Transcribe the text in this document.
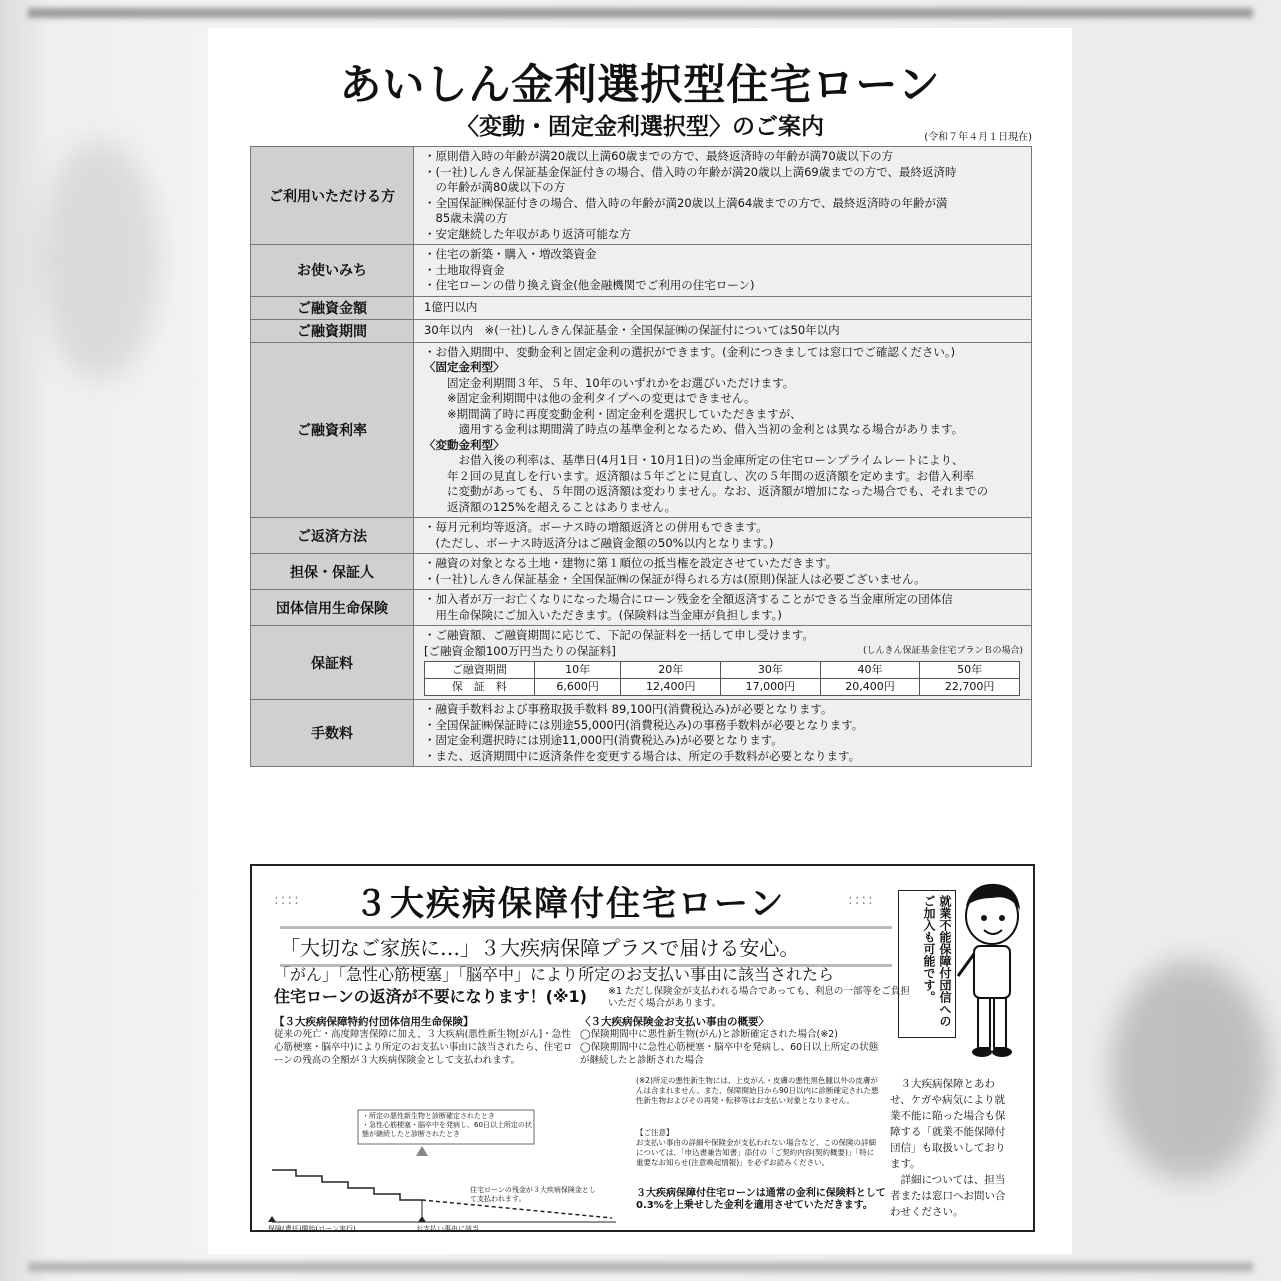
あいしん金利選択型住宅ローン
〈変動・固定金利選択型〉のご案内	(令和７年４月１日現在)
ご利用いただける方	
・原則借入時の年齢が満20歳以上満60歳までの方で、最終返済時の年齢が満70歳以下の方
・(一社)しんきん保証基金保証付きの場合、借入時の年齢が満20歳以上満69歳までの方で、最終返済時
　の年齢が満80歳以下の方
・全国保証㈱保証付きの場合、借入時の年齢が満20歳以上満64歳までの方で、最終返済時の年齢が満
　85歳未満の方
・安定継続した年収があり返済可能な方

お使いみち	
・住宅の新築・購入・増改築資金
・土地取得資金
・住宅ローンの借り換え資金(他金融機関でご利用の住宅ローン)

ご融資金額	1億円以内

ご融資期間	30年以内　※(一社)しんきん保証基金・全国保証㈱の保証付については50年以内

ご融資利率	
・お借入期間中、変動金利と固定金利の選択ができます。(金利につきましては窓口でご確認ください。)
〈固定金利型〉
　　固定金利期間３年、５年、10年のいずれかをお選びいただけます。
　　※固定金利期間中は他の金利タイプへの変更はできません。
　　※期間満了時に再度変動金利・固定金利を選択していただきますが、
　　　適用する金利は期間満了時点の基準金利となるため、借入当初の金利とは異なる場合があります。
〈変動金利型〉
　　　お借入後の利率は、基準日(4月1日・10月1日)の当金庫所定の住宅ローンプライムレートにより、
　　年２回の見直しを行います。返済額は５年ごとに見直し、次の５年間の返済額を定めます。お借入利率
　　に変動があっても、５年間の返済額は変わりません。なお、返済額が増加になった場合でも、それまでの
　　返済額の125%を超えることはありません。

ご返済方法	
・毎月元利均等返済。ボーナス時の増額返済との併用もできます。
　(ただし、ボーナス時返済分はご融資金額の50%以内となります。)

担保・保証人	
・融資の対象となる土地・建物に第１順位の抵当権を設定させていただきます。
・(一社)しんきん保証基金・全国保証㈱の保証が得られる方は(原則)保証人は必要ございません。

団体信用生命保険	
・加入者が万一お亡くなりになった場合にローン残金を全額返済することができる当金庫所定の団体信
　用生命保険にご加入いただきます。(保険料は当金庫が負担します。)

保証料	
・ご融資額、ご融資期間に応じて、下記の保証料を一括して申し受けます。
[ご融資金額100万円当たりの保証料]	(しんきん保証基金住宅プランＢの場合)
ご融資期間	10年	20年	30年	40年	50年
保　証　料	6,600円	12,400円	17,000円	20,400円	22,700円

手数料	
・融資手数料および事務取扱手数料 89,100円(消費税込み)が必要となります。
・全国保証㈱保証時には別途55,000円(消費税込み)の事務手数料が必要となります。
・固定金利選択時には別途11,000円(消費税込み)が必要となります。
・また、返済期間中に返済条件を変更する場合は、所定の手数料が必要となります。
:::: ３大疾病保障付住宅ローン	::::	就業不能保障付団信へのご加入も可能です。
「大切なご家族に…」３大疾病保障プラスで届ける安心。
「がん」「急性心筋梗塞」「脳卒中」により所定のお支払い事由に該当されたら
住宅ローンの返済が不要になります！(※1) ※1 ただし保険金が支払われる場合であっても、利息の一部等をご負担いただく場合があります。
【３大疾病保障特約付団体信用生命保険】
従来の死亡・高度障害保障に加え、３大疾病(悪性新生物[がん]・急性心筋梗塞・脳卒中)により所定のお支払い事由に該当されたら、住宅ローンの残高の全額が３大疾病保険金として支払われます。
〈３大疾病保険金お支払い事由の概要〉
◯保険期間中に悪性新生物(がん)と診断確定された場合(※2)
◯保険期間中に急性心筋梗塞・脳卒中を発病し、60日以上所定の状態が継続したと診断された場合
(※2)所定の悪性新生物には、上皮がん・皮膚の悪性黒色腫以外の皮膚がんは含まれません。また、保障開始日から90日以内に診断確定された悪性新生物およびその再発・転移等はお支払い対象となりません。
【ご注意】
お支払い事由の詳細や保険金が支払われない場合など、この保険の詳細については、「申込書兼告知書」添付の「ご契約内容(契約概要)」「特に重要なお知らせ(注意喚起情報)」を必ずお読みください。
３大疾病保障付住宅ローンは通常の金利に保険料として0.3%を上乗せした金利を適用させていただきます。
　３大疾病保障とあわせ、ケガや病気により就業不能に陥った場合も保障する「就業不能保障付団信」も取扱いしております。
　詳細については、担当者または窓口へお問い合わせください。
・所定の悪性新生物と診断確定されたとき
・急性心筋梗塞・脳卒中を発病し、60日以上所定の状態が継続したと診断されたとき
住宅ローンの残金が３大疾病保険金として支払われます。
保障(責任)開始(ローン実行)	お支払い事由に該当
